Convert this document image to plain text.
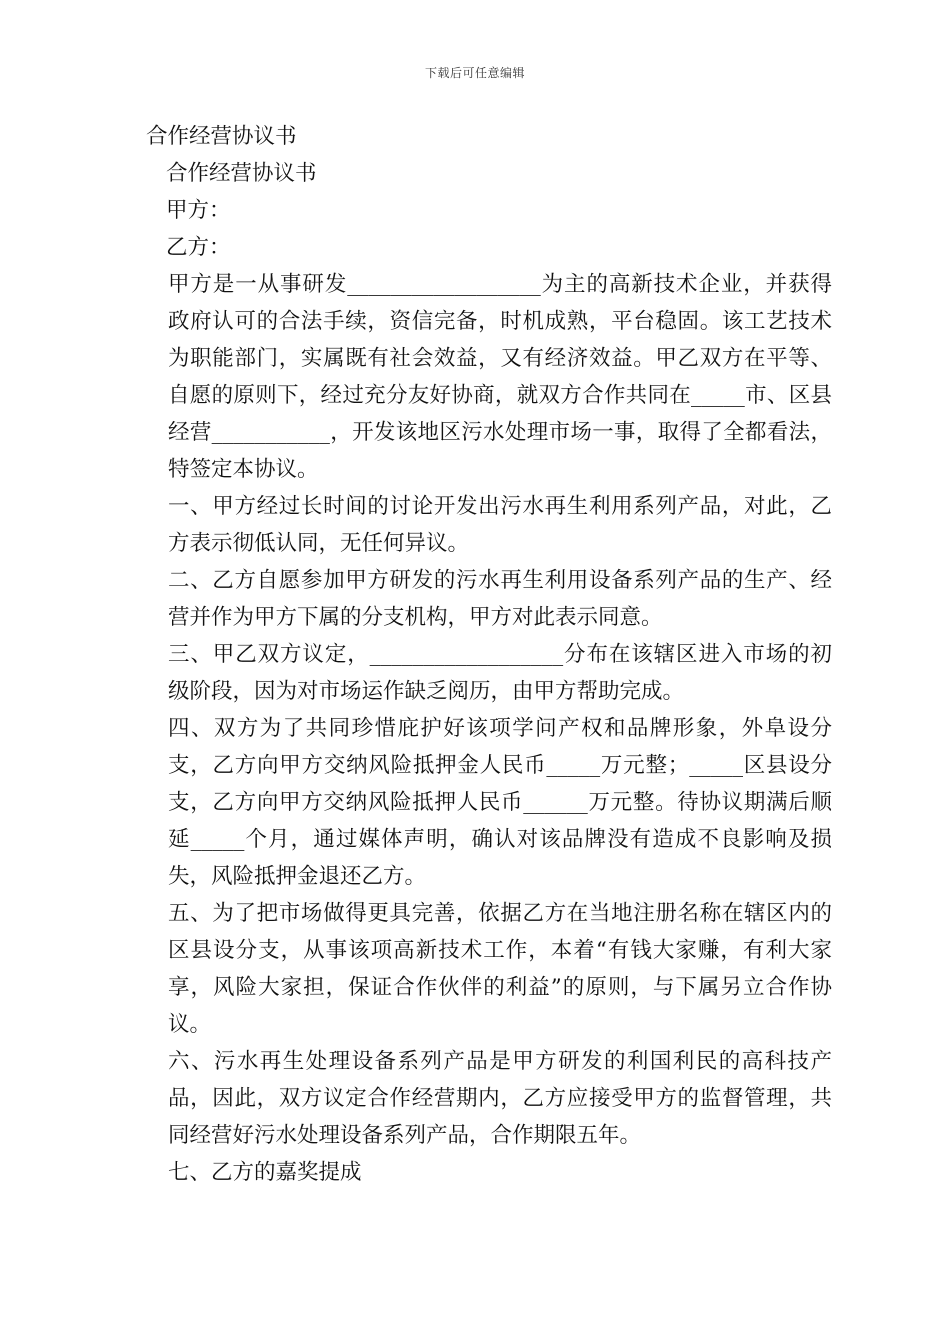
下载后可任意编辑

合作经营协议书

合作经营协议书

甲方：

乙方：

甲方是一从事研发__________________为主的高新技术企业，并获得政府认可的合法手续，资信完备，时机成熟，平台稳固。该工艺技术为职能部门，实属既有社会效益，又有经济效益。甲乙双方在平等、自愿的原则下，经过充分友好协商，就双方合作共同在_____市、区县经营___________，开发该地区污水处理市场一事，取得了全都看法，特签定本协议。

一、甲方经过长时间的讨论开发出污水再生利用系列产品，对此，乙方表示彻低认同，无任何异议。

二、乙方自愿参加甲方研发的污水再生利用设备系列产品的生产、经营并作为甲方下属的分支机构，甲方对此表示同意。

三、甲乙双方议定，__________________分布在该辖区进入市场的初级阶段，因为对市场运作缺乏阅历，由甲方帮助完成。

四、双方为了共同珍惜庇护好该项学问产权和品牌形象，外阜设分支，乙方向甲方交纳风险抵押金人民币_____万元整；_____区县设分支，乙方向甲方交纳风险抵押人民币______万元整。待协议期满后顺延_____个月，通过媒体声明，确认对该品牌没有造成不良影响及损失，风险抵押金退还乙方。

五、为了把市场做得更具完善，依据乙方在当地注册名称在辖区内的区县设分支，从事该项高新技术工作，本着“有钱大家赚，有利大家享，风险大家担，保证合作伙伴的利益”的原则，与下属另立合作协议。

六、污水再生处理设备系列产品是甲方研发的利国利民的高科技产品，因此，双方议定合作经营期内，乙方应接受甲方的监督管理，共同经营好污水处理设备系列产品，合作期限五年。

七、乙方的嘉奖提成
